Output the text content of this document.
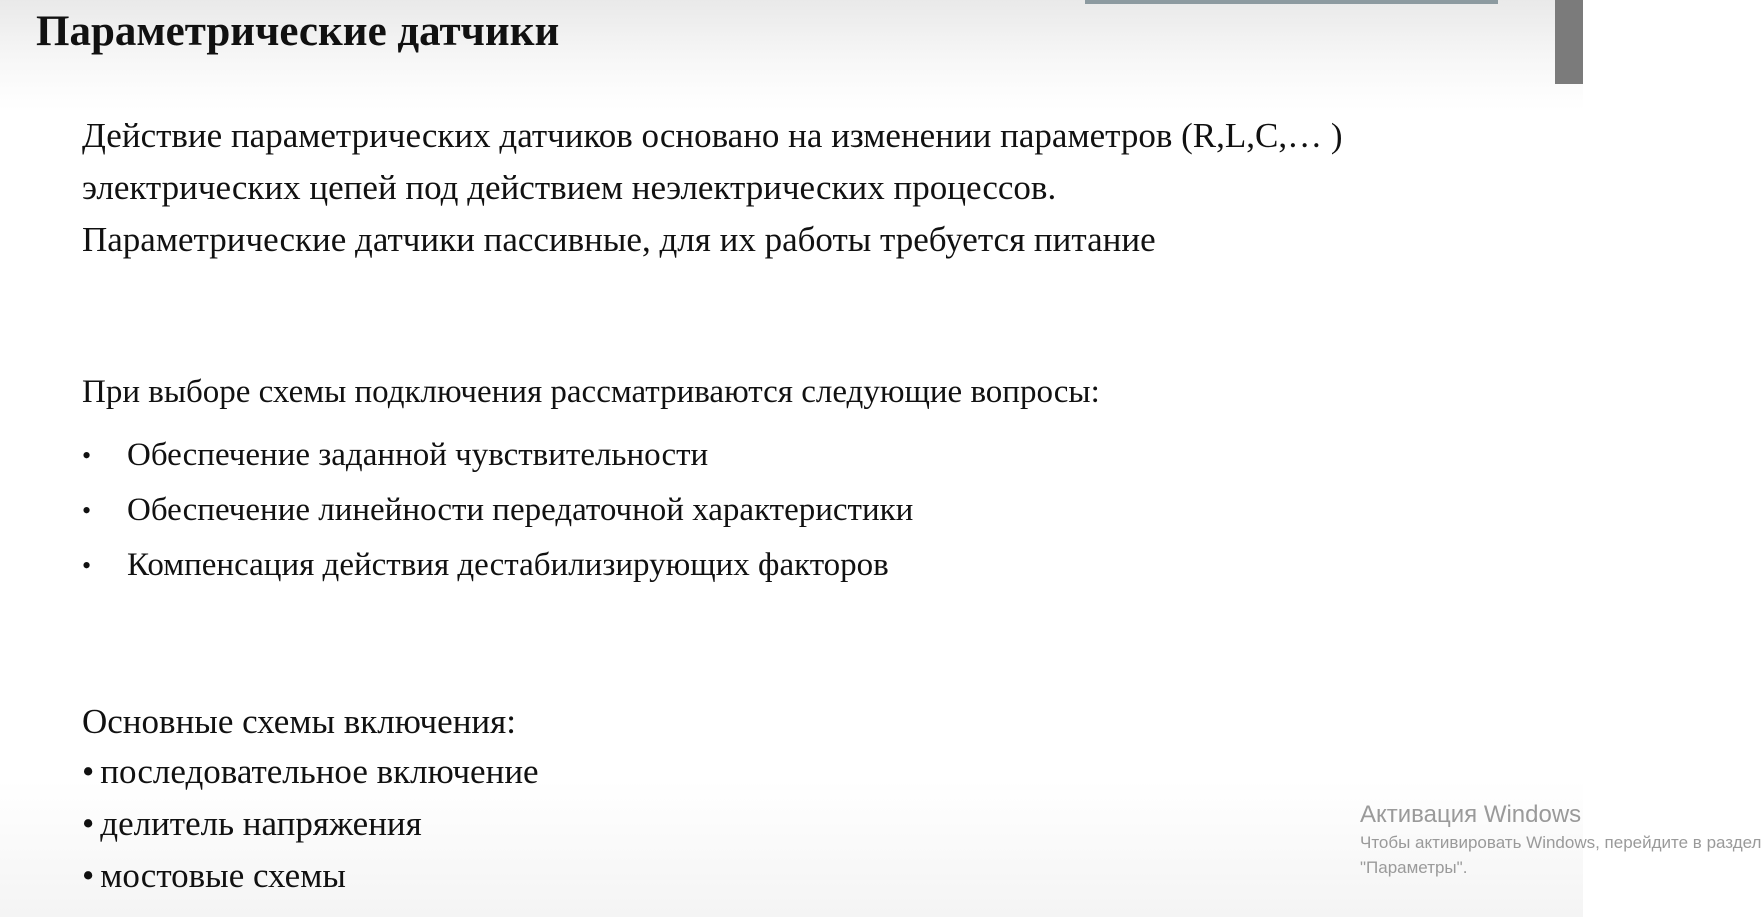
Параметрические датчики
Действие параметрических датчиков основано на изменении параметров (R,L,C,… )
электрических цепей под действием неэлектрических процессов.
Параметрические датчики пассивные, для их работы требуется питание
При выборе схемы подключения рассматриваются следующие вопросы:
• Обеспечение заданной чувствительности
• Обеспечение линейности передаточной характеристики
• Компенсация действия дестабилизирующих факторов
Основные схемы включения:
• последовательное включение
• делитель напряжения
• мостовые схемы
Активация Windows
Чтобы активировать Windows, перейдите в раздел
"Параметры".
